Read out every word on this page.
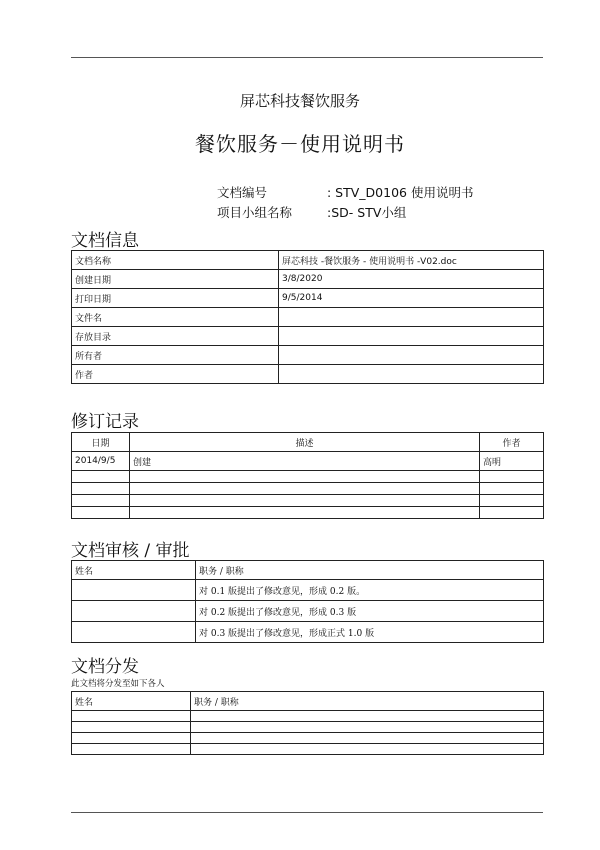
屏芯科技餐饮服务
餐饮服务－使用说明书
文档编号	: STV_D0106 使用说明书
项目小组名称	:SD- STV小组
文档信息
文档名称	屏芯科技 -餐饮服务 - 使用说明书 -V02.doc
创建日期	3/8/2020
打印日期	9/5/2014
文件名	
存放目录	
所有者	
作者	
修订记录
日期	描述	作者
2014/9/5	创建	高明

文档审核 / 审批
姓名	职务 / 职称
	对 0.1 版提出了修改意见，形成 0.2 版。
	对 0.2 版提出了修改意见，形成 0.3 版
	对 0.3 版提出了修改意见，形成正式 1.0 版
文档分发
此文档将分发至如下各人
姓名	职务 / 职称
